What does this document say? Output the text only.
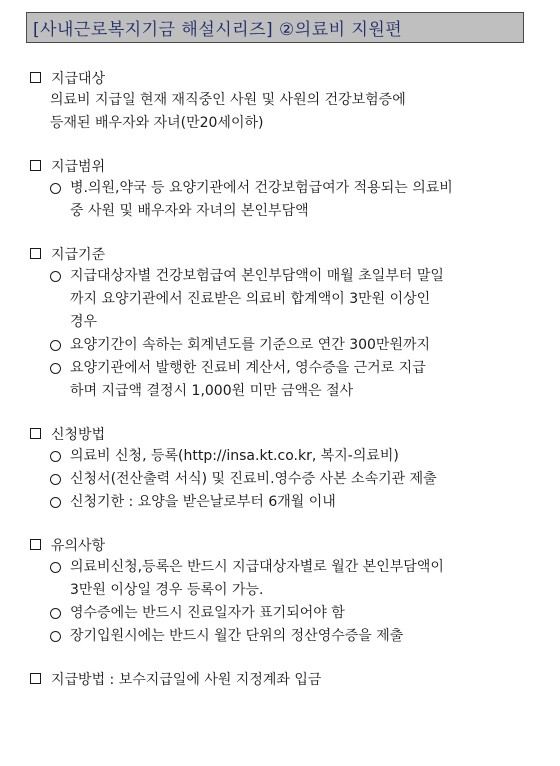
[사내근로복지기금 해설시리즈] ②의료비 지원편
지급대상
의료비 지급일 현재 재직중인 사원 및 사원의 건강보험증에
등재된 배우자와 자녀(만20세이하)
지급범위
병.의원,약국 등 요양기관에서 건강보험급여가 적용되는 의료비
중 사원 및 배우자와 자녀의 본인부담액
지급기준
지급대상자별 건강보험급여 본인부담액이 매월 초일부터 말일
까지 요양기관에서 진료받은 의료비 합계액이 3만원 이상인
경우
요양기간이 속하는 회계년도를 기준으로 연간 300만원까지
요양기관에서 발행한 진료비 계산서, 영수증을 근거로 지급
하며 지급액 결정시 1,000원 미만 금액은 절사
신청방법
의료비 신청, 등록(http://insa.kt.co.kr, 복지-의료비)
신청서(전산출력 서식) 및 진료비.영수증 사본 소속기관 제출
신청기한 : 요양을 받은날로부터 6개월 이내
유의사항
의료비신청,등록은 반드시 지급대상자별로 월간 본인부담액이
3만원 이상일 경우 등록이 가능.
영수증에는 반드시 진료일자가 표기되어야 함
장기입원시에는 반드시 월간 단위의 정산영수증을 제출
지급방법 : 보수지급일에 사원 지정계좌 입금
